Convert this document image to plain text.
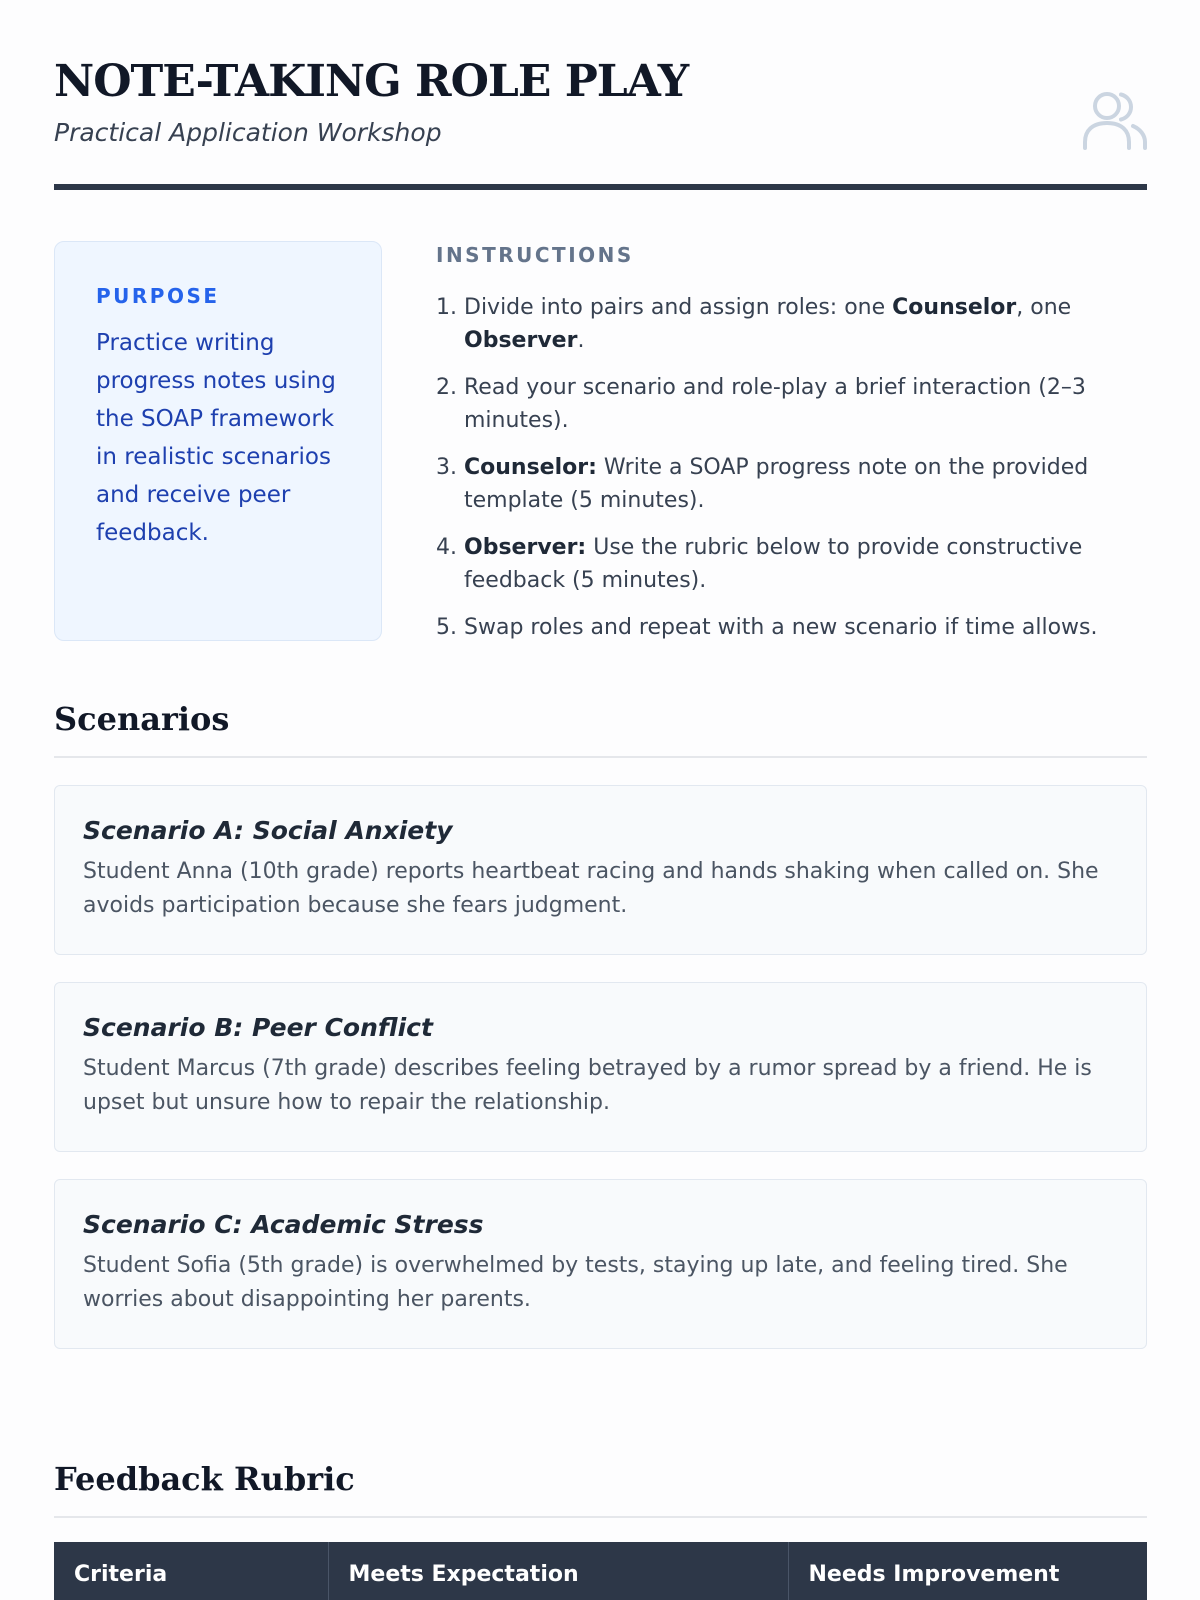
NOTE-TAKING ROLE PLAY
Practical Application Workshop
PURPOSE

Practice writing progress notes using the SOAP framework in realistic scenarios and receive peer feedback.

INSTRUCTIONS
1. Divide into pairs and assign roles: one Counselor, one Observer.
2. Read your scenario and role-play a brief interaction (2–3 minutes).
3. Counselor: Write a SOAP progress note on the provided template (5 minutes).
4. Observer: Use the rubric below to provide constructive feedback (5 minutes).
5. Swap roles and repeat with a new scenario if time allows.
Scenarios
Scenario A: Social Anxiety

Student Anna (10th grade) reports heartbeat racing and hands shaking when called on. She avoids participation because she fears judgment.

Scenario B: Peer Conflict

Student Marcus (7th grade) describes feeling betrayed by a rumor spread by a friend. He is upset but unsure how to repair the relationship.

Scenario C: Academic Stress

Student Sofia (5th grade) is overwhelmed by tests, staying up late, and feeling tired. She worries about disappointing her parents.

Feedback Rubric
Criteria	Meets Expectation	Needs Improvement
